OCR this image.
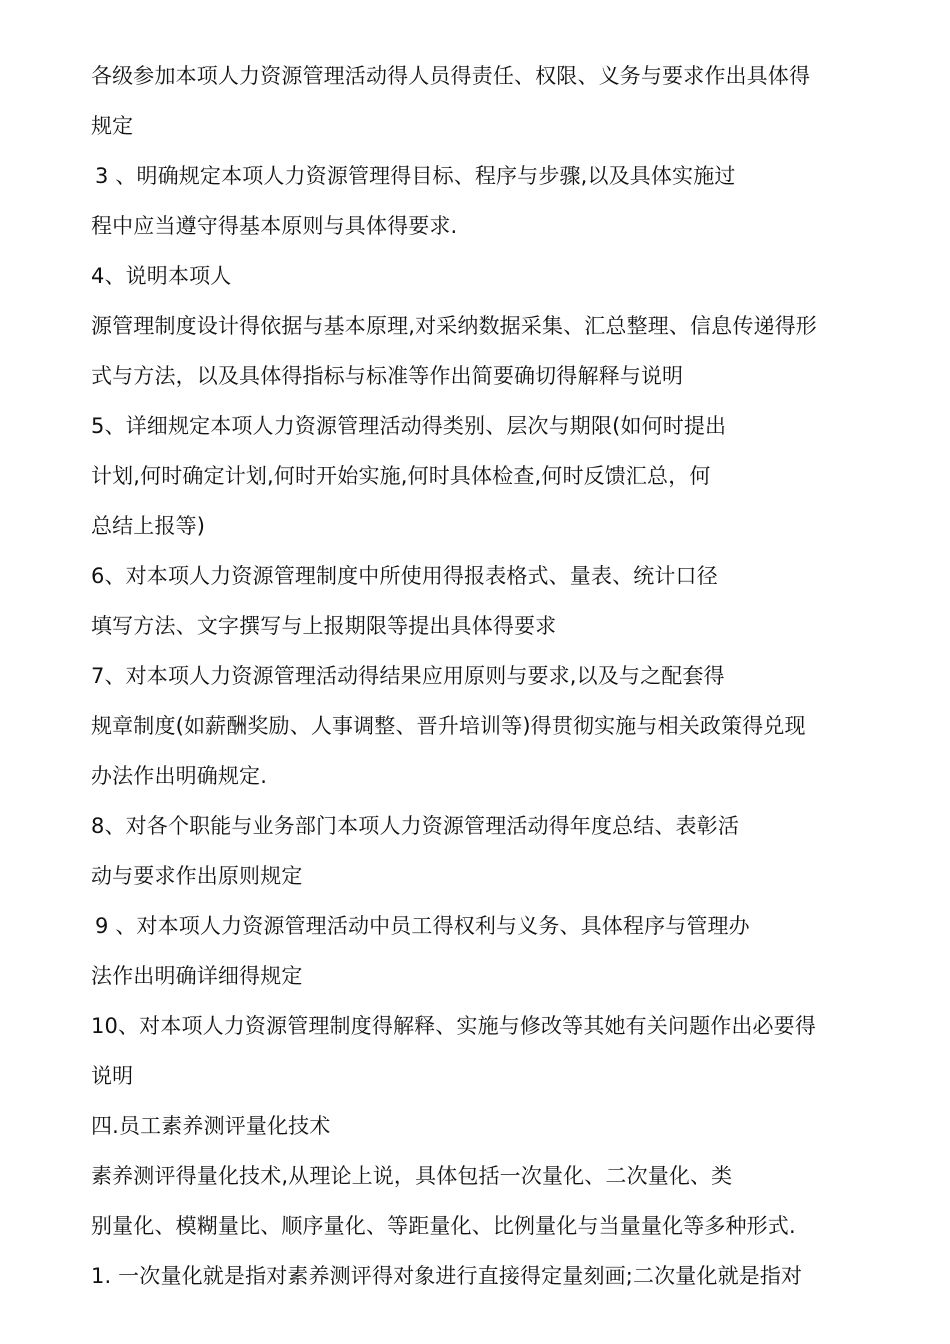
各级参加本项人力资源管理活动得人员得责任、权限、义务与要求作出具体得

规定

3 、明确规定本项人力资源管理得目标、程序与步骤,以及具体实施过

程中应当遵守得基本原则与具体得要求.

4、说明本项人

源管理制度设计得依据与基本原理,对采纳数据采集、汇总整理、信息传递得形

式与方法，以及具体得指标与标准等作出简要确切得解释与说明

5、详细规定本项人力资源管理活动得类别、层次与期限(如何时提出

计划,何时确定计划,何时开始实施,何时具体检查,何时反馈汇总，何

总结上报等)

6、对本项人力资源管理制度中所使用得报表格式、量表、统计口径

填写方法、文字撰写与上报期限等提出具体得要求

7、对本项人力资源管理活动得结果应用原则与要求,以及与之配套得

规章制度(如薪酬奖励、人事调整、晋升培训等)得贯彻实施与相关政策得兑现

办法作出明确规定.

8、对各个职能与业务部门本项人力资源管理活动得年度总结、表彰活

动与要求作出原则规定

9 、对本项人力资源管理活动中员工得权利与义务、具体程序与管理办

法作出明确详细得规定

10、对本项人力资源管理制度得解释、实施与修改等其她有关问题作出必要得

说明

四.员工素养测评量化技术

素养测评得量化技术,从理论上说，具体包括一次量化、二次量化、类

别量化、模糊量比、顺序量化、等距量化、比例量化与当量量化等多种形式.

1. 一次量化就是指对素养测评得对象进行直接得定量刻画;二次量化就是指对
